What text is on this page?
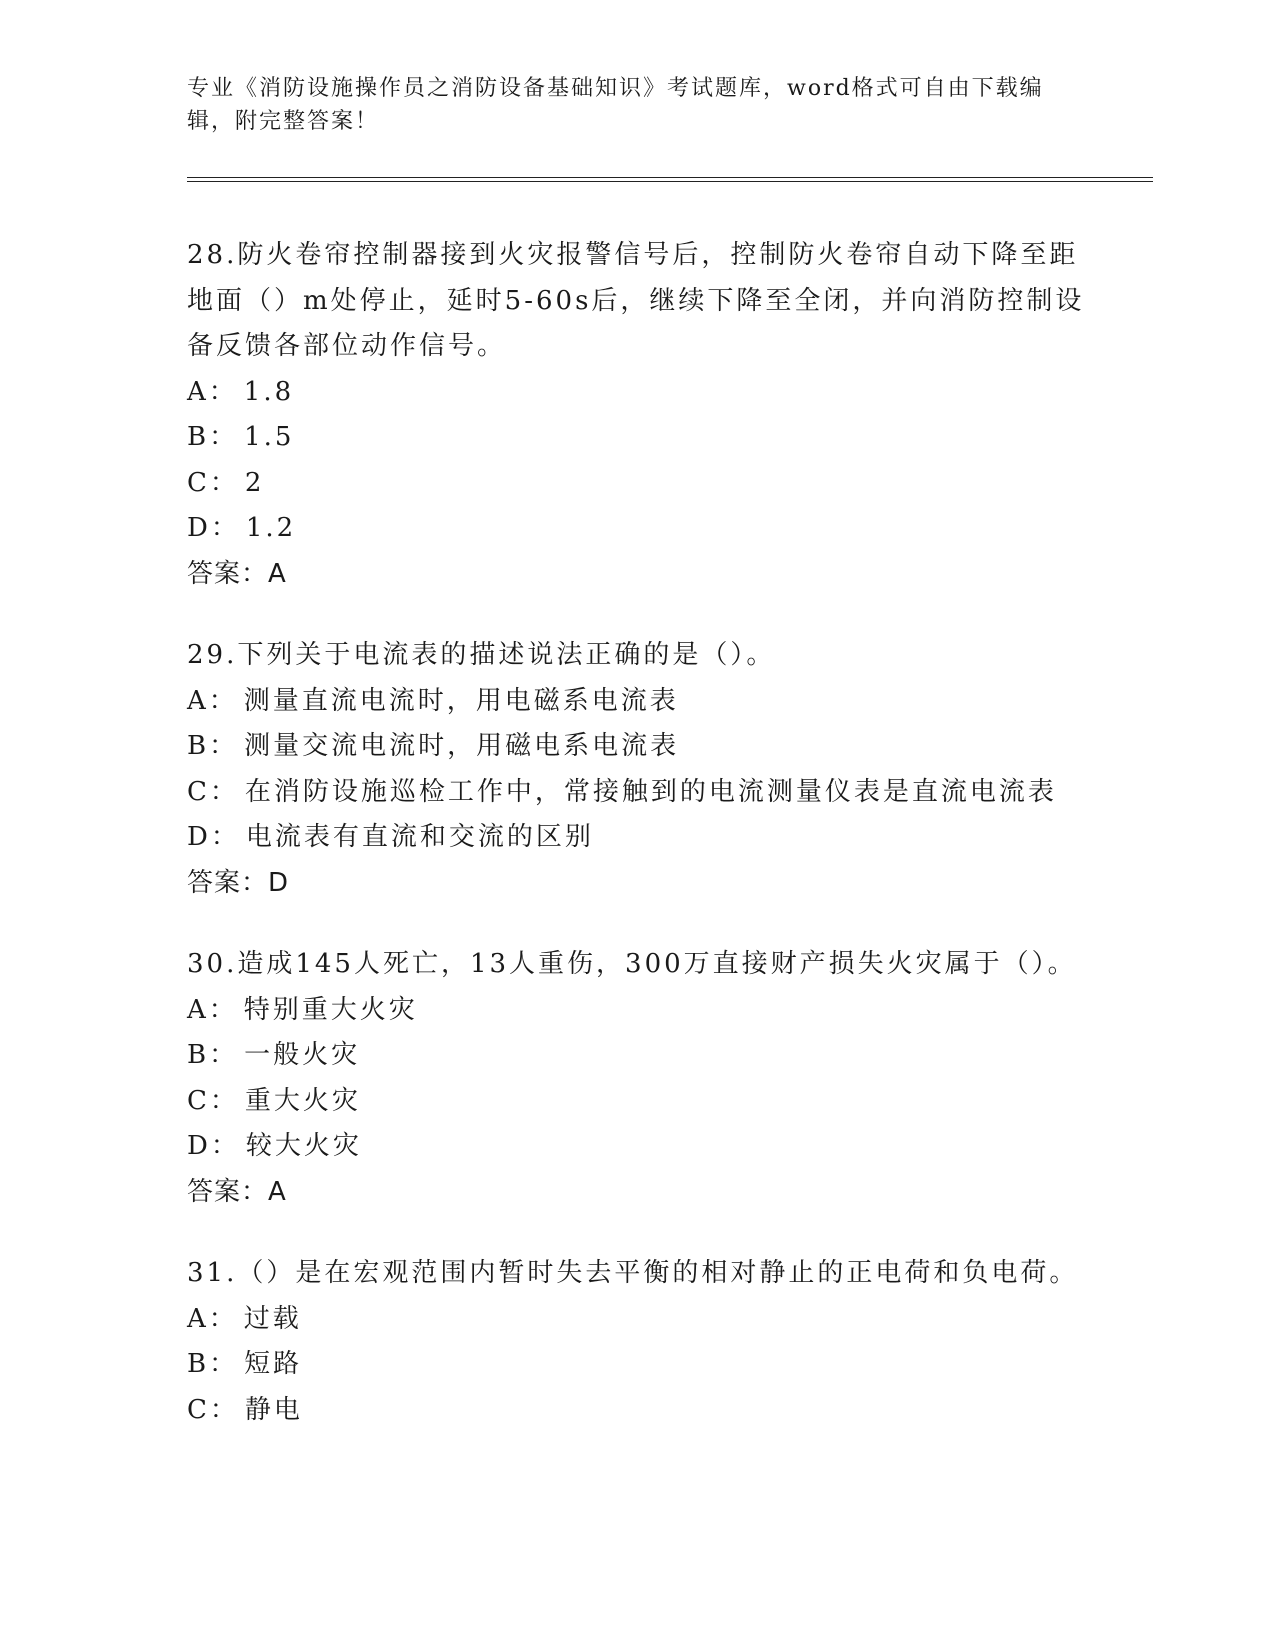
专业《消防设施操作员之消防设备基础知识》考试题库，word格式可自由下载编
辑，附完整答案！
28.防火卷帘控制器接到火灾报警信号后，控制防火卷帘自动下降至距
地面（）m处停止，延时5-60s后，继续下降至全闭，并向消防控制设
备反馈各部位动作信号。
A： 1.8
B： 1.5
C： 2
D： 1.2
答案：A
29.下列关于电流表的描述说法正确的是（）。
A： 测量直流电流时，用电磁系电流表
B： 测量交流电流时，用磁电系电流表
C： 在消防设施巡检工作中，常接触到的电流测量仪表是直流电流表
D： 电流表有直流和交流的区别
答案：D
30.造成145人死亡，13人重伤，300万直接财产损失火灾属于（）。
A： 特别重大火灾
B： 一般火灾
C： 重大火灾
D： 较大火灾
答案：A
31.（）是在宏观范围内暂时失去平衡的相对静止的正电荷和负电荷。
A： 过载
B： 短路
C： 静电
